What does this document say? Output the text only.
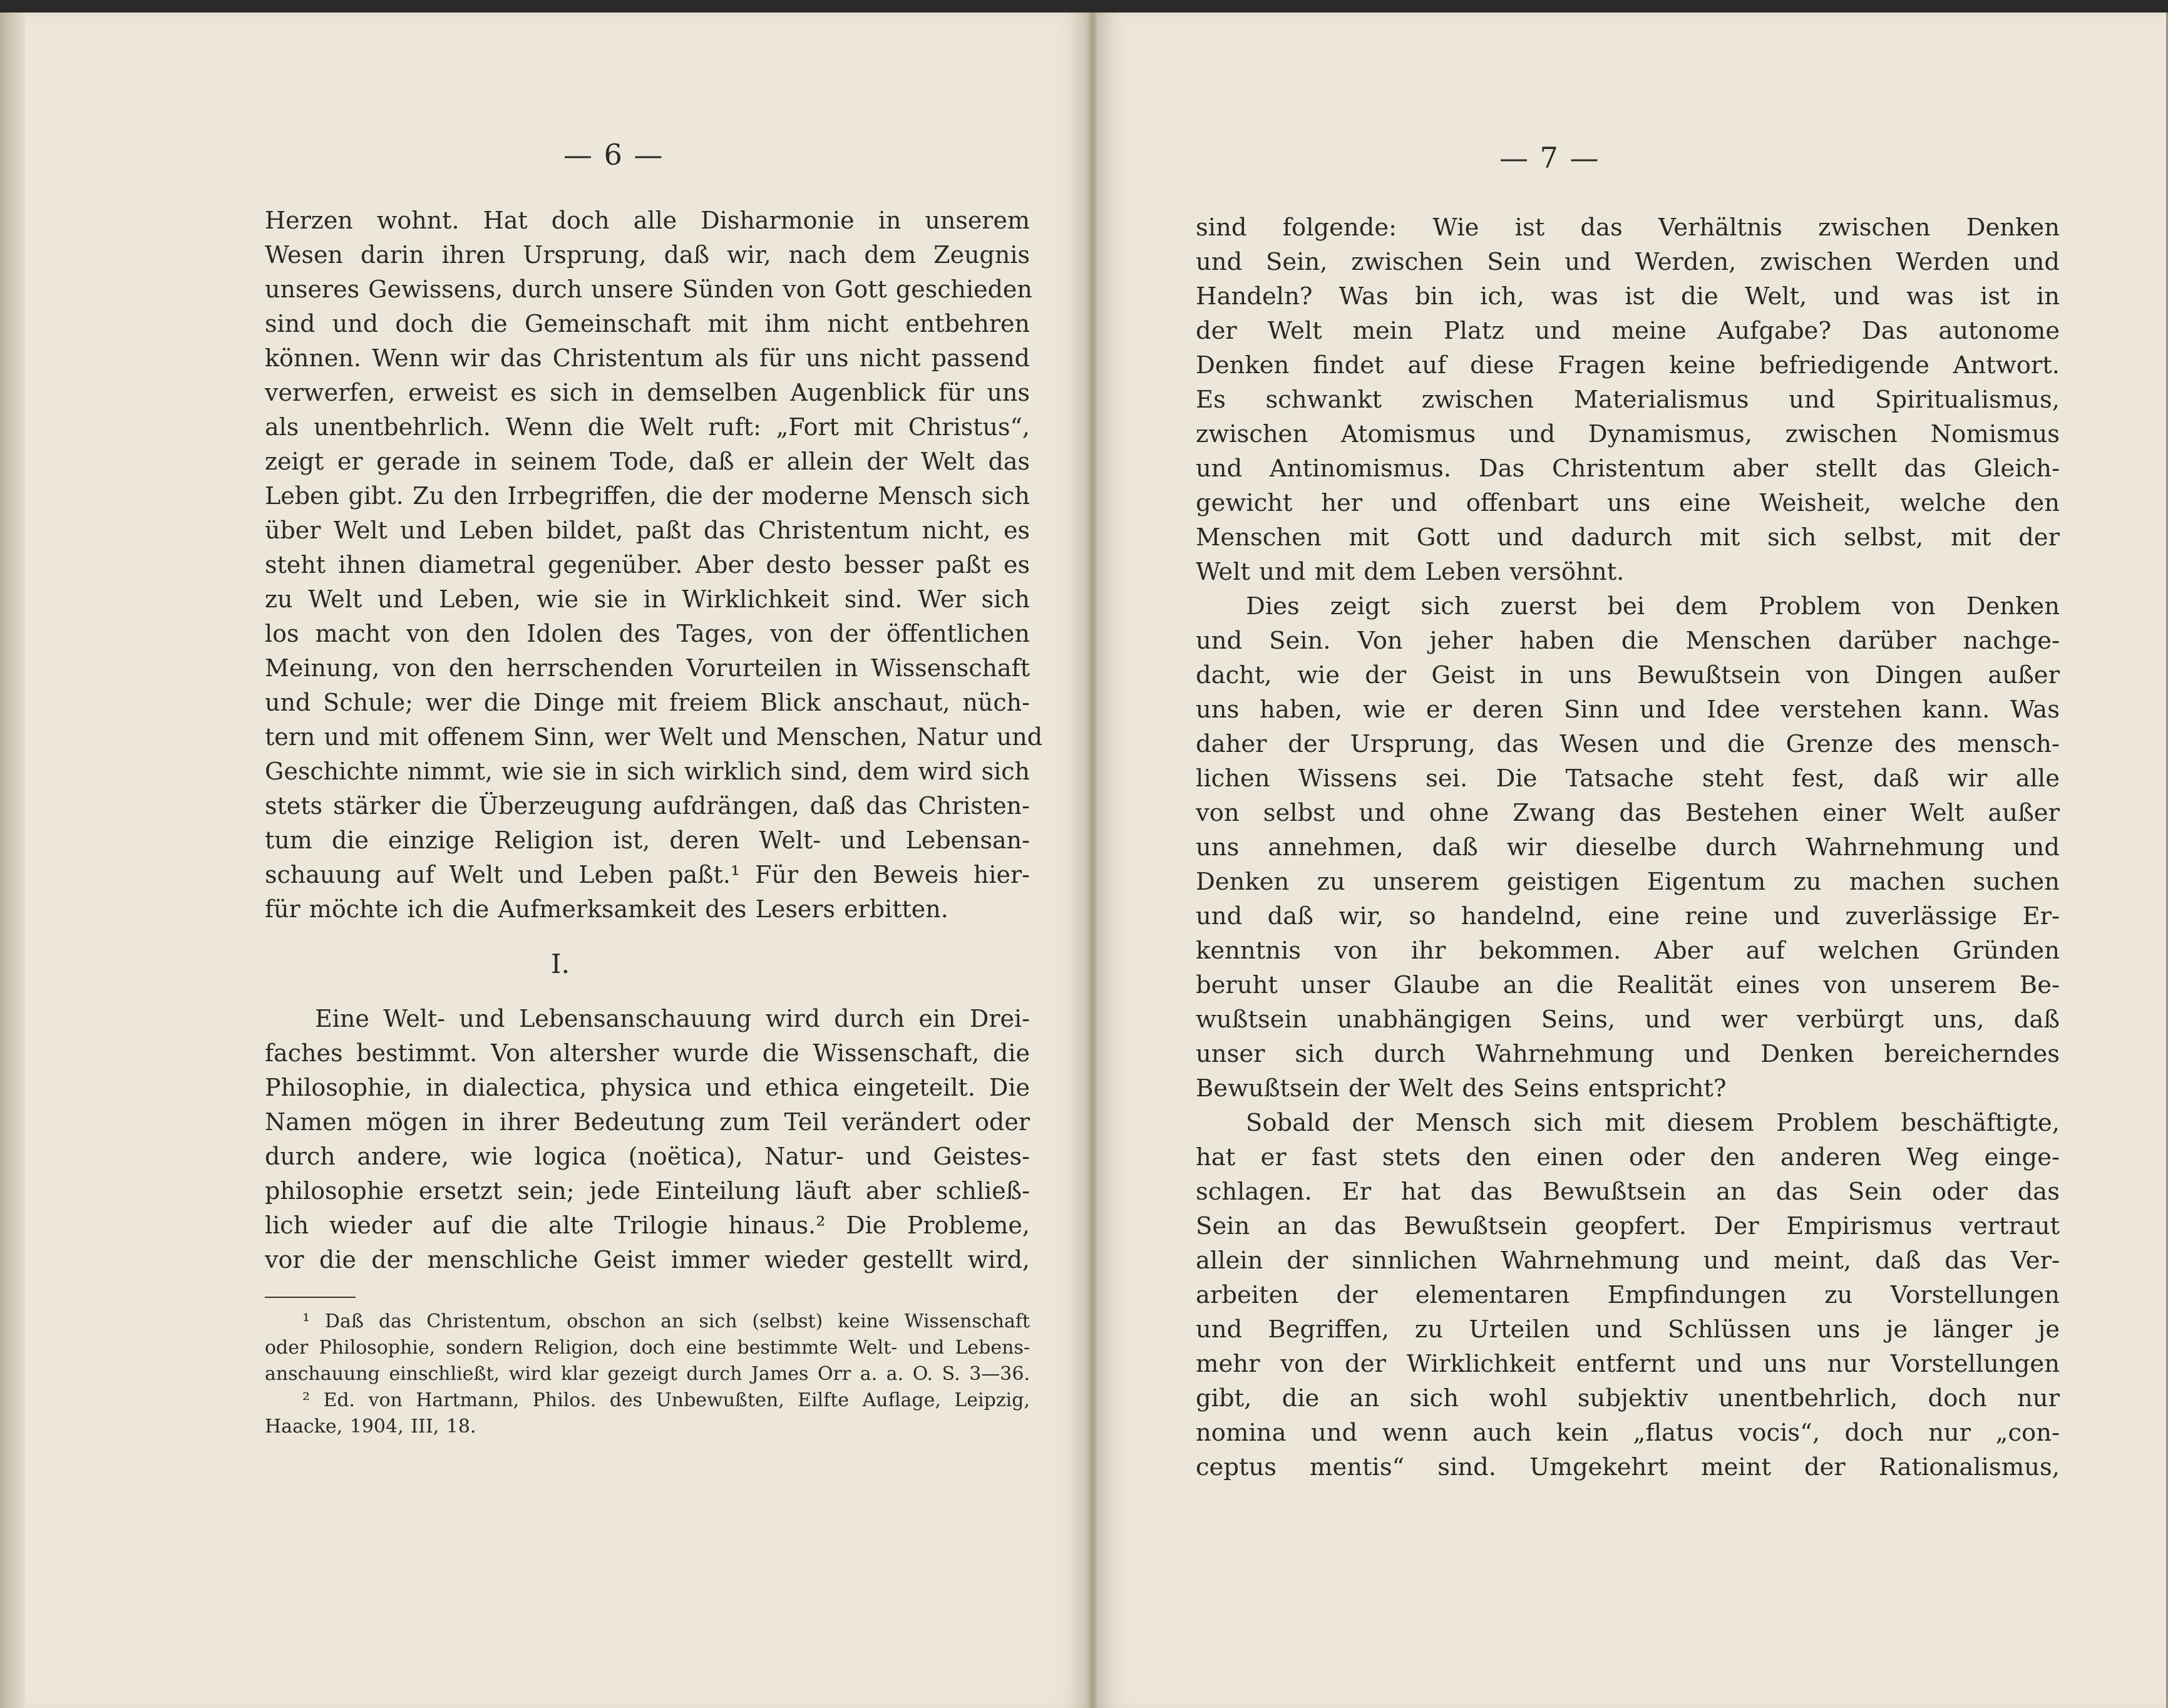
— 6 —
Herzen wohnt. Hat doch alle Disharmonie in unserem
Wesen darin ihren Ursprung, daß wir, nach dem Zeugnis
unseres Gewissens, durch unsere Sünden von Gott geschieden
sind und doch die Gemeinschaft mit ihm nicht entbehren
können. Wenn wir das Christentum als für uns nicht passend
verwerfen, erweist es sich in demselben Augenblick für uns
als unentbehrlich. Wenn die Welt ruft: „Fort mit Christus“,
zeigt er gerade in seinem Tode, daß er allein der Welt das
Leben gibt. Zu den Irrbegriffen, die der moderne Mensch sich
über Welt und Leben bildet, paßt das Christentum nicht, es
steht ihnen diametral gegenüber. Aber desto besser paßt es
zu Welt und Leben, wie sie in Wirklichkeit sind. Wer sich
los macht von den Idolen des Tages, von der öffentlichen
Meinung, von den herrschenden Vorurteilen in Wissenschaft
und Schule; wer die Dinge mit freiem Blick anschaut, nüch-
tern und mit offenem Sinn, wer Welt und Menschen, Natur und
Geschichte nimmt, wie sie in sich wirklich sind, dem wird sich
stets stärker die Überzeugung aufdrängen, daß das Christen-
tum die einzige Religion ist, deren Welt- und Lebensan-
schauung auf Welt und Leben paßt.¹ Für den Beweis hier-
für möchte ich die Aufmerksamkeit des Lesers erbitten.
I.
Eine Welt- und Lebensanschauung wird durch ein Drei-
faches bestimmt. Von altersher wurde die Wissenschaft, die
Philosophie, in dialectica, physica und ethica eingeteilt. Die
Namen mögen in ihrer Bedeutung zum Teil verändert oder
durch andere, wie logica (noëtica), Natur- und Geistes-
philosophie ersetzt sein; jede Einteilung läuft aber schließ-
lich wieder auf die alte Trilogie hinaus.² Die Probleme,
vor die der menschliche Geist immer wieder gestellt wird,
¹ Daß das Christentum, obschon an sich (selbst) keine Wissenschaft
oder Philosophie, sondern Religion, doch eine bestimmte Welt- und Lebens-
anschauung einschließt, wird klar gezeigt durch James Orr a. a. O. S. 3—36.
² Ed. von Hartmann, Philos. des Unbewußten, Eilfte Auflage, Leipzig,
Haacke, 1904, III, 18.
— 7 —
sind folgende: Wie ist das Verhältnis zwischen Denken
und Sein, zwischen Sein und Werden, zwischen Werden und
Handeln? Was bin ich, was ist die Welt, und was ist in
der Welt mein Platz und meine Aufgabe? Das autonome
Denken findet auf diese Fragen keine befriedigende Antwort.
Es schwankt zwischen Materialismus und Spiritualismus,
zwischen Atomismus und Dynamismus, zwischen Nomismus
und Antinomismus. Das Christentum aber stellt das Gleich-
gewicht her und offenbart uns eine Weisheit, welche den
Menschen mit Gott und dadurch mit sich selbst, mit der
Welt und mit dem Leben versöhnt.
Dies zeigt sich zuerst bei dem Problem von Denken
und Sein. Von jeher haben die Menschen darüber nachge-
dacht, wie der Geist in uns Bewußtsein von Dingen außer
uns haben, wie er deren Sinn und Idee verstehen kann. Was
daher der Ursprung, das Wesen und die Grenze des mensch-
lichen Wissens sei. Die Tatsache steht fest, daß wir alle
von selbst und ohne Zwang das Bestehen einer Welt außer
uns annehmen, daß wir dieselbe durch Wahrnehmung und
Denken zu unserem geistigen Eigentum zu machen suchen
und daß wir, so handelnd, eine reine und zuverlässige Er-
kenntnis von ihr bekommen. Aber auf welchen Gründen
beruht unser Glaube an die Realität eines von unserem Be-
wußtsein unabhängigen Seins, und wer verbürgt uns, daß
unser sich durch Wahrnehmung und Denken bereicherndes
Bewußtsein der Welt des Seins entspricht?
Sobald der Mensch sich mit diesem Problem beschäftigte,
hat er fast stets den einen oder den anderen Weg einge-
schlagen. Er hat das Bewußtsein an das Sein oder das
Sein an das Bewußtsein geopfert. Der Empirismus vertraut
allein der sinnlichen Wahrnehmung und meint, daß das Ver-
arbeiten der elementaren Empfindungen zu Vorstellungen
und Begriffen, zu Urteilen und Schlüssen uns je länger je
mehr von der Wirklichkeit entfernt und uns nur Vorstellungen
gibt, die an sich wohl subjektiv unentbehrlich, doch nur
nomina und wenn auch kein „flatus vocis“, doch nur „con-
ceptus mentis“ sind. Umgekehrt meint der Rationalismus,
